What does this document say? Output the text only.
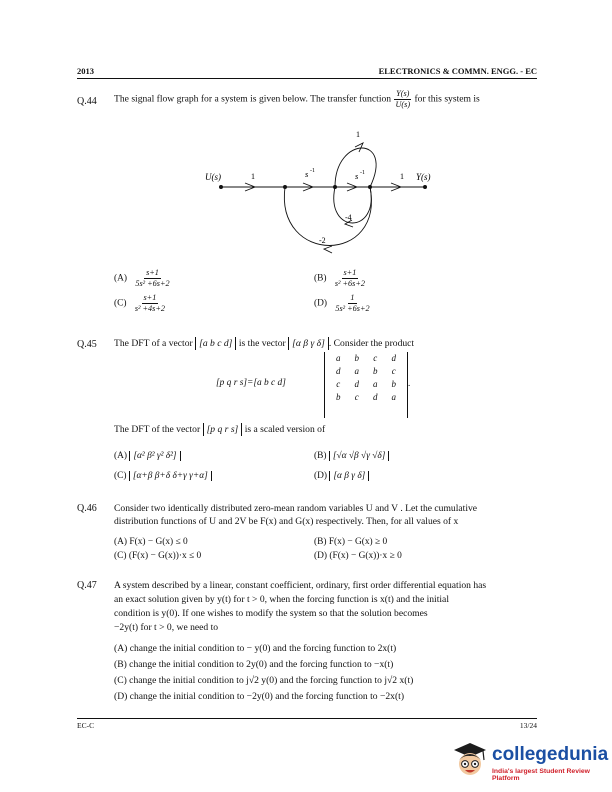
2013	ELECTRONICS & COMMN. ENGG. - EC
Q.44 The signal flow graph for a system is given below. The transfer function $\frac{Y(s)}{U(s)}$ for this system is
U(s)	1	s -1	s -1	1 Y(s)
1
-4
-2
$(A) \frac{s+1}{\text{5s² +6s+2}}$	$(B) \frac{s+1}{\text{s² +6s+2}}$
$(C) \frac{s+1}{\text{s² +4s+2}}$	$(D) \frac{1}{\text{5s² +6s+2}}$
Q.45 The DFT of a vector [a b c d] is the vector [α β γ δ] . Consider the product
[p q r s]=[a b c d]
a	b	c	d
d	a	b	c
c	d	a	b
b	c	d	a
.
The DFT of the vector [p q r s] is a scaled version of
(A) [α² β² γ² δ²]	(B) [√α √β √γ √δ]
(C) [α+β β+δ δ+γ γ+α]	(D) [α β γ δ]
Q.46 Consider two identically distributed zero-mean random variables U and V . Let the cumulative
distribution functions of U and 2V be F(x) and G(x) respectively. Then, for all values of x
(A) F(x) − G(x) ≤ 0	(B) F(x) − G(x) ≥ 0
(C) (F(x) − G(x))·x ≤ 0	(D) (F(x) − G(x))·x ≥ 0
Q.47 A system described by a linear, constant coefficient, ordinary, first order differential equation has
an exact solution given by y(t) for t > 0, when the forcing function is x(t) and the initial
condition is y(0). If one wishes to modify the system so that the solution becomes
−2y(t) for t > 0, we need to
(A) change the initial condition to − y(0) and the forcing function to 2x(t)
(B) change the initial condition to 2y(0) and the forcing function to −x(t)
(C) change the initial condition to j√2 y(0) and the forcing function to j√2 x(t)
(D) change the initial condition to −2y(0) and the forcing function to −2x(t)
EC-C	13/24
collegedunia
India's largest Student Review Platform
